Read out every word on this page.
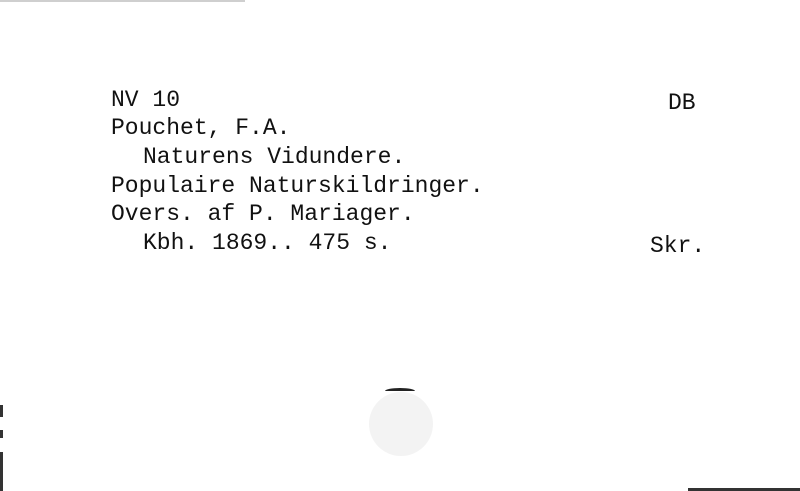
NV 10	DB
Pouchet, F.A.
Naturens Vidundere.
Populaire Naturskildringer.
Overs. af P. Mariager.
Kbh. 1869.. 475 s.	Skr.
